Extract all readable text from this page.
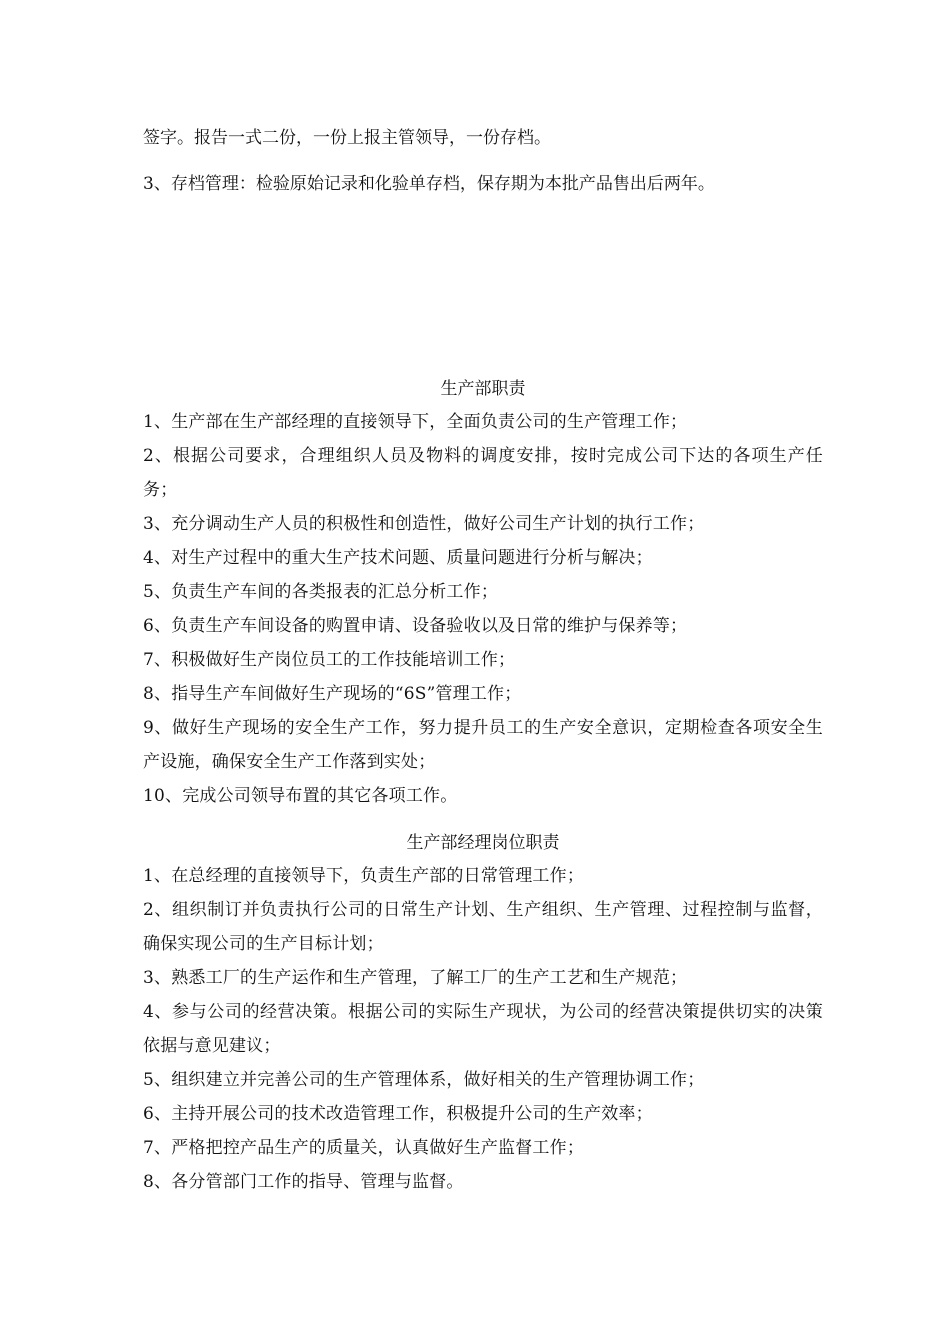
签字。报告一式二份，一份上报主管领导，一份存档。

3、存档管理：检验原始记录和化验单存档，保存期为本批产品售出后两年。

生产部职责

1、生产部在生产部经理的直接领导下，全面负责公司的生产管理工作；

2、根据公司要求，合理组织人员及物料的调度安排，按时完成公司下达的各项生产任务；

3、充分调动生产人员的积极性和创造性，做好公司生产计划的执行工作；

4、对生产过程中的重大生产技术问题、质量问题进行分析与解决；

5、负责生产车间的各类报表的汇总分析工作；

6、负责生产车间设备的购置申请、设备验收以及日常的维护与保养等；

7、积极做好生产岗位员工的工作技能培训工作；

8、指导生产车间做好生产现场的“6S”管理工作；

9、做好生产现场的安全生产工作，努力提升员工的生产安全意识，定期检查各项安全生产设施，确保安全生产工作落到实处；

10、完成公司领导布置的其它各项工作。

生产部经理岗位职责

1、在总经理的直接领导下，负责生产部的日常管理工作；

2、组织制订并负责执行公司的日常生产计划、生产组织、生产管理、过程控制与监督，确保实现公司的生产目标计划；

3、熟悉工厂的生产运作和生产管理，了解工厂的生产工艺和生产规范；

4、参与公司的经营决策。根据公司的实际生产现状，为公司的经营决策提供切实的决策依据与意见建议；

5、组织建立并完善公司的生产管理体系，做好相关的生产管理协调工作；

6、主持开展公司的技术改造管理工作，积极提升公司的生产效率；

7、严格把控产品生产的质量关，认真做好生产监督工作；

8、各分管部门工作的指导、管理与监督。
